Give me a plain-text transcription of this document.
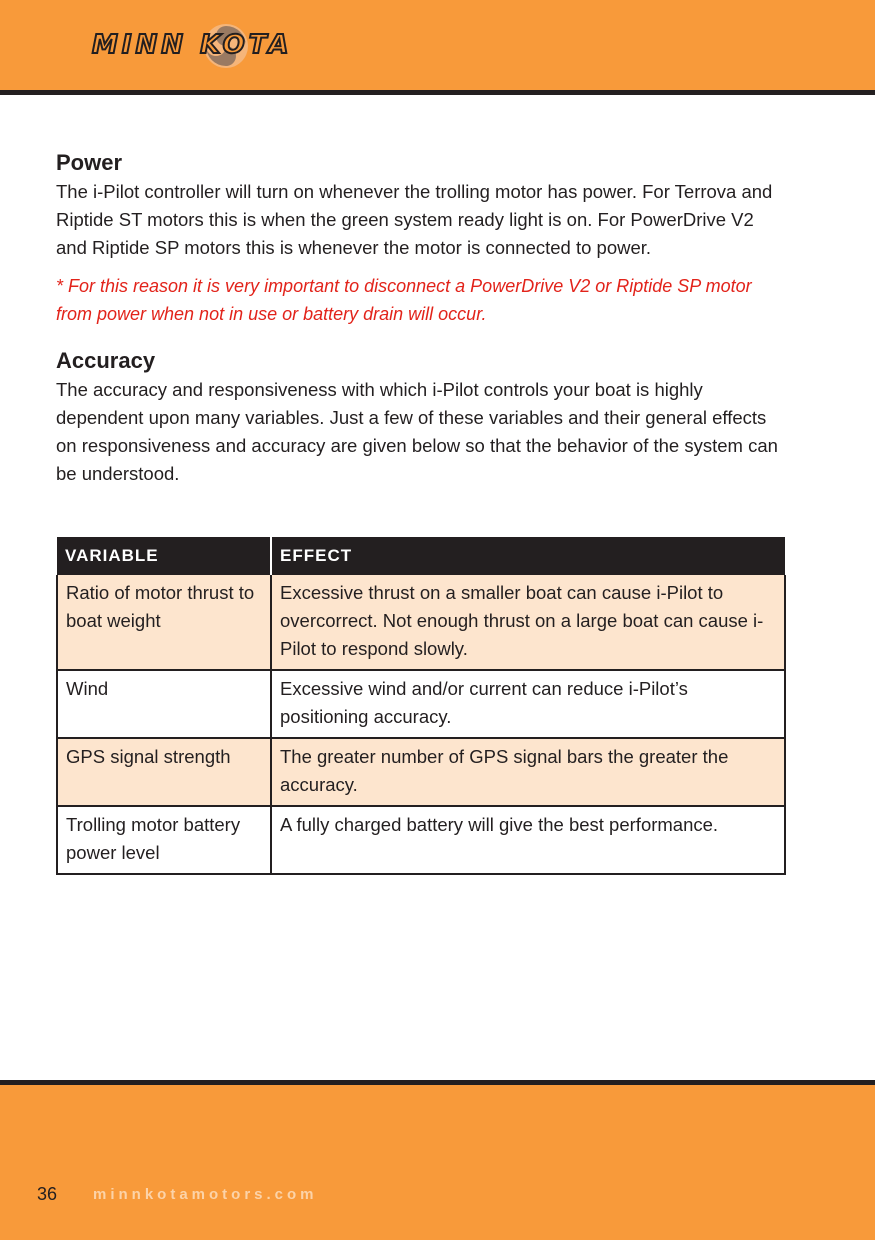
MINN KOTA
Power

The i-Pilot controller will turn on whenever the trolling motor has power. For Terrova and Riptide ST motors this is when the green system ready light is on. For PowerDrive V2 and Riptide SP motors this is whenever the motor is connected to power.

* For this reason it is very important to disconnect a PowerDrive V2 or Riptide SP motor from power when not in use or battery drain will occur.

Accuracy

The accuracy and responsiveness with which i-Pilot controls your boat is highly dependent upon many variables. Just a few of these variables and their general effects on responsiveness and accuracy are given below so that the behavior of the system can be understood.

VARIABLE	EFFECT
Ratio of motor thrust to boat weight	Excessive thrust on a smaller boat can cause i-Pilot to overcorrect. Not enough thrust on a large boat can cause i-Pilot to respond slowly.
Wind	Excessive wind and/or current can reduce i-Pilot’s positioning accuracy.
GPS signal strength	The greater number of GPS signal bars the greater the accuracy.
Trolling motor battery power level	A fully charged battery will give the best performance.
36 minnkotamotors.com
